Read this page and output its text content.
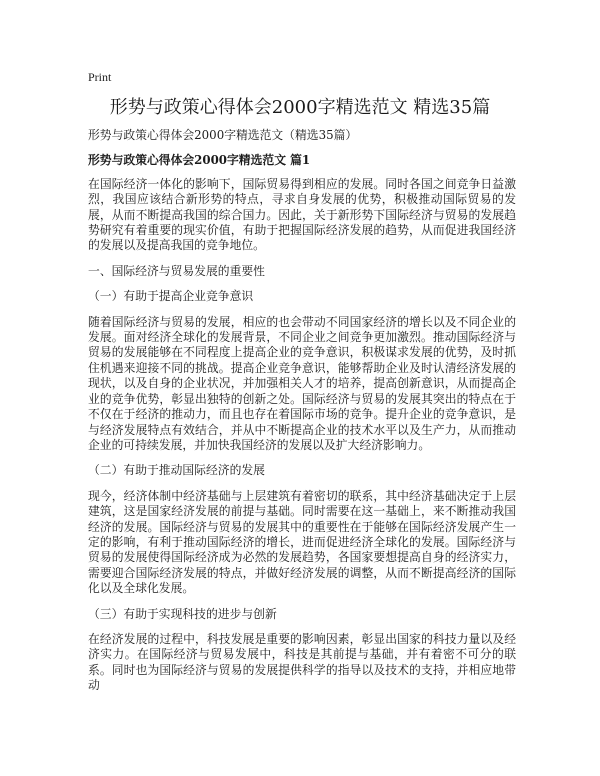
Print
形势与政策心得体会2000字精选范文 精选35篇

形势与政策心得体会2000字精选范文（精选35篇）

形势与政策心得体会2000字精选范文 篇1

在国际经济一体化的影响下，国际贸易得到相应的发展。同时各国之间竞争日益激烈，我国应该结合新形势的特点，寻求自身发展的优势，积极推动国际贸易的发展，从而不断提高我国的综合国力。因此，关于新形势下国际经济与贸易的发展趋势研究有着重要的现实价值，有助于把握国际经济发展的趋势，从而促进我国经济的发展以及提高我国的竞争地位。

一、国际经济与贸易发展的重要性

（一）有助于提高企业竞争意识

随着国际经济与贸易的发展，相应的也会带动不同国家经济的增长以及不同企业的发展。面对经济全球化的发展背景，不同企业之间竞争更加激烈。推动国际经济与贸易的发展能够在不同程度上提高企业的竞争意识，积极谋求发展的优势，及时抓住机遇来迎接不同的挑战。提高企业竞争意识，能够帮助企业及时认清经济发展的现状，以及自身的企业状况，并加强相关人才的培养，提高创新意识，从而提高企业的竞争优势，彰显出独特的创新之处。国际经济与贸易的发展其突出的特点在于不仅在于经济的推动力，而且也存在着国际市场的竞争。提升企业的竞争意识，是与经济发展特点有效结合，并从中不断提高企业的技术水平以及生产力，从而推动企业的可持续发展，并加快我国经济的发展以及扩大经济影响力。

（二）有助于推动国际经济的发展

现今，经济体制中经济基础与上层建筑有着密切的联系，其中经济基础决定于上层建筑，这是国家经济发展的前提与基础。同时需要在这一基础上，来不断推动我国经济的发展。国际经济与贸易的发展其中的重要性在于能够在国际经济发展产生一定的影响，有利于推动国际经济的增长，进而促进经济全球化的发展。国际经济与贸易的发展使得国际经济成为必然的发展趋势，各国家要想提高自身的经济实力，需要迎合国际经济发展的特点，并做好经济发展的调整，从而不断提高经济的国际化以及全球化发展。

（三）有助于实现科技的进步与创新

在经济发展的过程中，科技发展是重要的影响因素，彰显出国家的科技力量以及经济实力。在国际经济与贸易发展中，科技是其前提与基础，并有着密不可分的联系。同时也为国际经济与贸易的发展提供科学的指导以及技术的支持，并相应地带动
